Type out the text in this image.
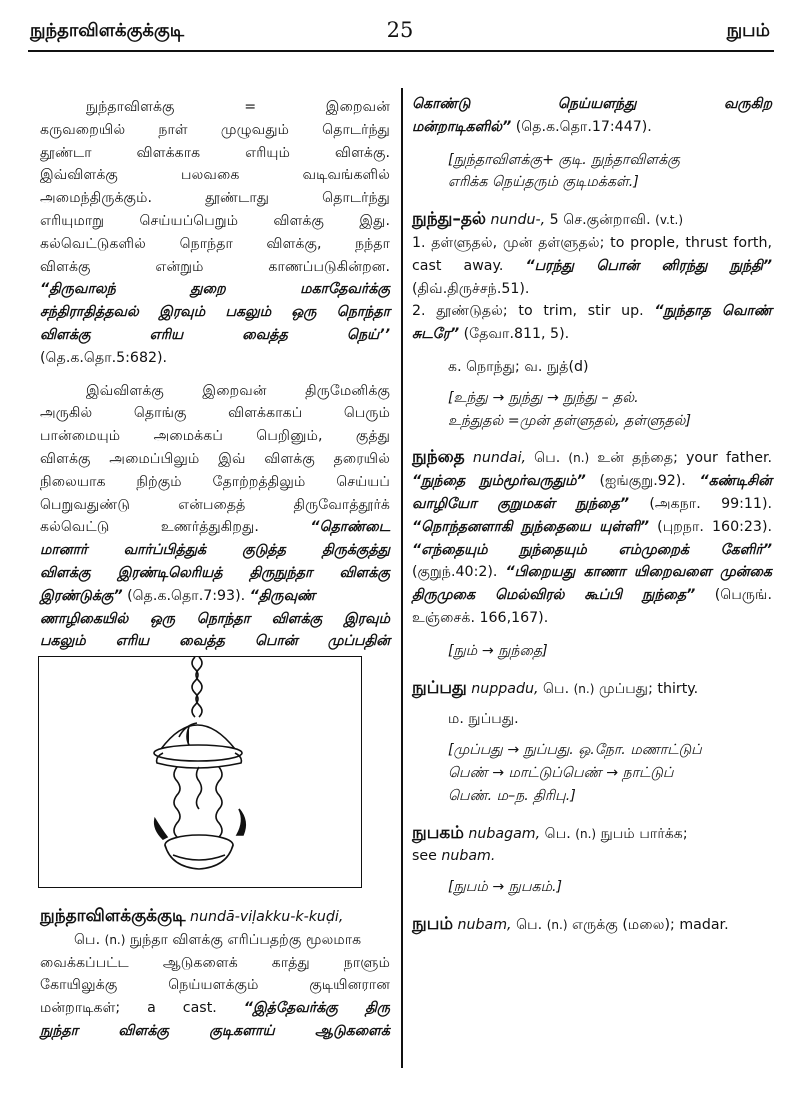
நுந்தாவிளக்குக்குடி	25	நுபம்
நுந்தாவிளக்கு = இறைவன்
கருவறையில் நாள் முழுவதும் தொடர்ந்து
தூண்டா விளக்காக எரியும் விளக்கு.
இவ்விளக்கு பலவகை வடிவங்களில்
அமைந்திருக்கும். தூண்டாது தொடர்ந்து
எரியுமாறு செய்யப்பெறும் விளக்கு இது.
கல்வெட்டுகளில் நொந்தா விளக்கு, நந்தா
விளக்கு என்றும் காணப்படுகின்றன.
“திருவாலந் துறை மகாதேவர்க்கு
சந்திராதித்தவல் இரவும் பகலும் ஒரு நொந்தா
விளக்கு எரிய வைத்த நெய்’’
(தெ.க.தொ.5:682).
இவ்விளக்கு இறைவன் திருமேனிக்கு
அருகில் தொங்கு விளக்காகப் பெரும்
பான்மையும் அமைக்கப் பெறினும், குத்து
விளக்கு அமைப்பிலும் இவ் விளக்கு தரையில்
நிலையாக நிற்கும் தோற்றத்திலும் செய்யப்
பெறுவதுண்டு என்பதைத் திருவோத்தூர்க்
கல்வெட்டு உணர்த்துகிறது.	“தொண்டை
மானார் வார்ப்பித்துக் குடுத்த திருக்குத்து
விளக்கு இரண்டிலெரியத் திருநுந்தா விளக்கு
இரண்டுக்கு” (தெ.க.தொ.7:93). “திருவுண்
ணாழிகையில் ஒரு நொந்தா விளக்கு இரவும்
பகலும் எரிய வைத்த பொன் முப்பதின்
நுந்தாவிளக்குக்குடி nundā-viḷakku-k-kuḍi,
பெ. (n.) நுந்தா விளக்கு எரிப்பதற்கு மூலமாக
வைக்கப்பட்ட ஆடுகளைக் காத்து நாளும்
கோயிலுக்கு நெய்யளக்கும் குடியினரான
மன்றாடிகள்; a cast. “இத்தேவர்க்கு திரு
நுந்தா விளக்கு குடிகளாய் ஆடுகளைக்
கொண்டு நெய்யளந்து வருகிற
மன்றாடிகளில்” (தெ.க.தொ.17:447).
[நுந்தாவிளக்கு+ குடி. நுந்தாவிளக்கு
எரிக்க நெய்தரும் குடிமக்கள்.]
நுந்து–தல் nundu-, 5 செ.குன்றாவி. (v.t.)
1. தள்ளுதல், முன் தள்ளுதல்; to prople, thrust forth, cast away. “பரந்து பொன் னிரந்து நுந்தி” (திவ்.திருச்சந்.51).
2. தூண்டுதல்; to trim, stir up. “நுந்தாத வொண் சுடரே” (தேவா.811, 5).
க. நொந்து; வ. நுத்(d)
[உந்து → நுந்து → நுந்து – தல்.
உந்துதல் =முன் தள்ளுதல், தள்ளுதல்]
நுந்தை nundai, பெ. (n.) உன் தந்தை; your father. “நுந்தை நும்மூர்வருதும்” (ஐங்குறு.92). “கண்டிசின் வாழியோ குறுமகள் நுந்தை” (அகநா. 99:11). “நொந்தனளாகி நுந்தையை யுள்ளி” (புறநா. 160:23). “எந்தையும் நுந்தையும் எம்முறைக் கேளிர்” (குறுந்.40:2). “பிறையது காணா யிறைவளை முன்கை திருமுகை மெல்விரல் கூப்பி நுந்தை” (பெருங். உஞ்சைக். 166,167).
[நும் → நுந்தை]
நுப்பது nuppadu, பெ. (n.) முப்பது; thirty.
ம. நுப்பது.
[முப்பது → நுப்பது. ஒ.நோ. மணாட்டுப்
பெண் → மாட்டுப்பெண் → நாட்டுப்
பெண். ம–ந. திரிபு.]
நுபகம் nubagam, பெ. (n.) நுபம் பார்க்க;
see nubam.
[நுபம் → நுபகம்.]
நுபம் nubam, பெ. (n.) எருக்கு (மலை); madar.
